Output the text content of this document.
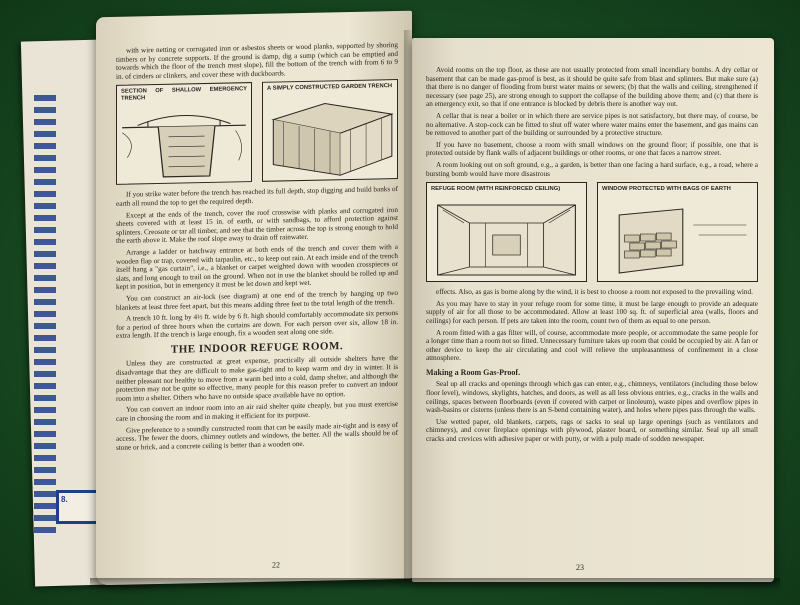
8.

with wire netting or corrugated iron or asbestos sheets or wood planks, supported by shoring timbers or by concrete supports. If the ground is damp, dig a sump (which can be emptied and towards which the floor of the trench must slope), fill the bottom of the trench with from 6 to 9 in. of cinders or clinkers, and cover these with duckboards.

SECTION OF SHALLOW EMERGENCY TRENCH
A SIMPLY CONSTRUCTED GARDEN TRENCH

If you strike water before the trench has reached its full depth, stop digging and build banks of earth all round the top to get the required depth.

Except at the ends of the trench, cover the roof crosswise with planks and corrugated iron sheets covered with at least 15 in. of earth, or with sandbags, to afford protection against splinters. Creosote or tar all timber, and see that the timber across the top is strong enough to hold the earth above it. Make the roof slope away to drain off rainwater.

Arrange a ladder or hatchway entrance at both ends of the trench and cover them with a wooden flap or trap, covered with tarpaulin, etc., to keep out rain. At each inside end of the trench itself hang a "gas curtain", i.e., a blanket or carpet weighted down with wooden crosspieces or slats, and long enough to trail on the ground. When not in use the blanket should be rolled up and kept in position, but in emergency it must be let down and kept wet.

You can construct an air-lock (see diagram) at one end of the trench by hanging up two blankets at least three feet apart, but this means adding three feet to the total length of the trench.

A trench 10 ft. long by 4½ ft. wide by 6 ft. high should comfortably accommodate six persons for a period of three hours when the curtains are down. For each person over six, allow 18 in. extra length. If the trench is large enough, fix a wooden seat along one side.

THE INDOOR REFUGE ROOM.

Unless they are constructed at great expense, practically all outside shelters have the disadvantage that they are difficult to make gas-tight and to keep warm and dry in winter. It is neither pleasant nor healthy to move from a warm bed into a cold, damp shelter, and although the protection may not be quite so effective, many people for this reason prefer to convert an indoor room into a shelter. Others who have no outside space available have no option.

You can convert an indoor room into an air raid shelter quite cheaply, but you must exercise care in choosing the room and in making it efficient for its purpose.

Give preference to a soundly constructed room that can be easily made air-tight and is easy of access. The fewer the doors, chimney outlets and windows, the better. All the walls should be of stone or brick, and a concrete ceiling is better than a wooden one.

22

Avoid rooms on the top floor, as these are not usually protected from small incendiary bombs. A dry cellar or basement that can be made gas-proof is best, as it should be quite safe from blast and splinters. But make sure (a) that there is no danger of flooding from burst water mains or sewers; (b) that the walls and ceiling, strengthened if necessary (see page 25), are strong enough to support the collapse of the building above them; and (c) that there is an emergency exit, so that if one entrance is blocked by debris there is another way out.

A cellar that is near a boiler or in which there are service pipes is not satisfactory, but there may, of course, be no alternative. A stop-cock can be fitted to shut off water where water mains enter the basement, and gas mains can be removed to another part of the building or surrounded by a protective structure.

If you have no basement, choose a room with small windows on the ground floor; if possible, one that is protected outside by flank walls of adjacent buildings or other rooms, or one that faces a narrow street.

A room looking out on soft ground, e.g., a garden, is better than one facing a hard surface, e.g., a road, where a bursting bomb would have more disastrous

REFUGE ROOM (WITH REINFORCED CEILING)	WINDOW PROTECTED WITH BAGS OF EARTH

effects. Also, as gas is borne along by the wind, it is best to choose a room not exposed to the prevailing wind.

As you may have to stay in your refuge room for some time, it must be large enough to provide an adequate supply of air for all those to be accommodated. Allow at least 100 sq. ft. of superficial area (walls, floors and ceilings) for each person. If pets are taken into the room, count two of them as equal to one person.

A room fitted with a gas filter will, of course, accommodate more people, or accommodate the same people for a longer time than a room not so fitted. Unnecessary furniture takes up room that could be occupied by air. A fan or other device to keep the air circulating and cool will relieve the unpleasantness of confinement in a close atmosphere.

Making a Room Gas-Proof.

Seal up all cracks and openings through which gas can enter, e.g., chimneys, ventilators (including those below floor level), windows, skylights, hatches, and doors, as well as all less obvious entries, e.g., cracks in the walls and ceilings, spaces between floorboards (even if covered with carpet or linoleum), waste pipes and overflow pipes in wash-basins or cisterns (unless there is an S-bend containing water), and holes where pipes pass through the walls.

Use wetted paper, old blankets, carpets, rags or sacks to seal up large openings (such as ventilators and chimneys), and cover fireplace openings with plywood, plaster board, or something similar. Seal up all small cracks and crevices with adhesive paper or with putty, or with a pulp made of sodden newspaper.

23
